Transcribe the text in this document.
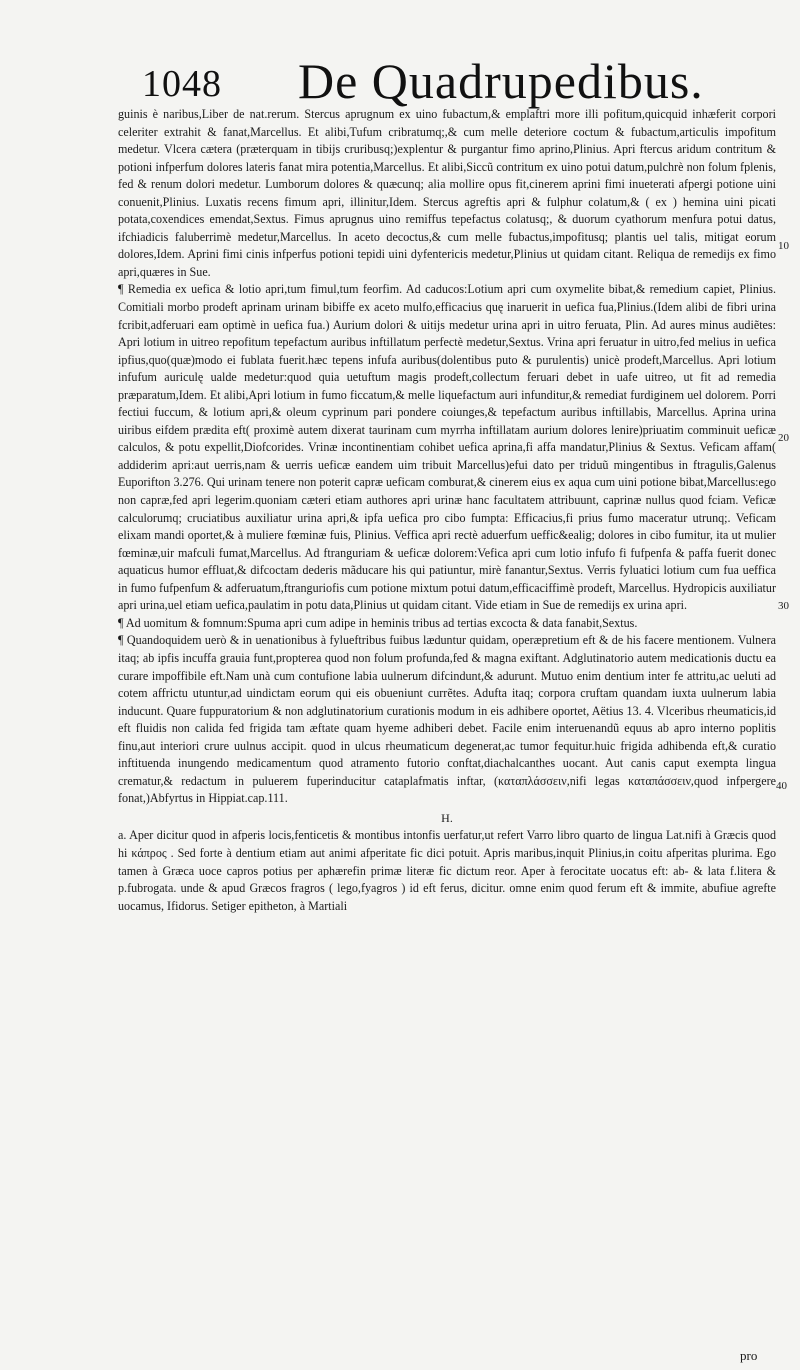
1048 De Quadrupedibus.

guinis è naribus,Liber de nat.rerum. Stercus aprugnum ex uino fubactum,& emplaftri more illi pofitum,quicquid inhæferit corpori celeriter extrahit & fanat,Marcellus. Et alibi,Tufum cribratumq;,& cum melle deteriore coctum & fubactum,articulis impofitum medetur. Vlcera cætera (præterquam in tibijs cruribusq;)explentur & purgantur fimo aprino,Plinius. Apri ftercus aridum contritum & potioni infperfum dolores lateris fanat mira potentia,Marcellus. Et alibi,Siccũ contritum ex uino potui datum,pulchrè non folum fplenis, fed & renum dolori medetur. Lumborum dolores & quæcunq; alia mollire opus fit,cinerem aprini fimi inueterati afpergi potione uini conuenit,Plinius. Luxatis recens fimum apri, illinitur,Idem. Stercus agreftis apri & fulphur colatum,& ( ex ) hemina uini picati potata,coxendices emendat,Sextus. Fimus aprugnus uino remiffus tepefactus colatusq;, & duorum cyathorum menfura potui datus, ifchiadicis faluberrimè medetur,Marcellus. In aceto decoctus,& cum melle fubactus,impofitusq; plantis uel talis, mitigat eorum dolores,Idem. Aprini fimi cinis infperfus potioni tepidi uini dyfentericis medetur,Plinius ut quidam citant. Reliqua de remedijs ex fimo apri,quæres in Sue.

¶ Remedia ex uefica & lotio apri,tum fimul,tum feorfim. Ad caducos:Lotium apri cum oxymelite bibat,& remedium capiet, Plinius. Comitiali morbo prodeft aprinam urinam bibiffe ex aceto mulfo,efficacius quę inaruerit in uefica fua,Plinius.(Idem alibi de fibri urina fcribit,adferuari eam optimè in uefica fua.) Aurium dolori & uitijs medetur urina apri in uitro feruata, Plin. Ad aures minus audiẽtes: Apri lotium in uitreo repofitum tepefactum auribus inftillatum perfectè medetur,Sextus. Vrina apri feruatur in uitro,fed melius in uefica ipfius,quo(quæ)modo ei fublata fuerit.hæc tepens infufa auribus(dolentibus puto & purulentis) unicè prodeft,Marcellus. Apri lotium infufum auriculę ualde medetur:quod quia uetuftum magis prodeft,collectum feruari debet in uafe uitreo, ut fit ad remedia præparatum,Idem. Et alibi,Apri lotium in fumo ficcatum,& melle liquefactum auri infunditur,& remediat furdiginem uel dolorem. Porri fectiui fuccum, & lotium apri,& oleum cyprinum pari pondere coiunges,& tepefactum auribus inftillabis, Marcellus. Aprina urina uiribus eifdem prædita eft( proximè autem dixerat taurinam cum myrrha inftillatam aurium dolores lenire)priuatim comminuit ueficæ calculos, & potu expellit,Diofcorides. Vrinæ incontinentiam cohibet uefica aprina,fi affa mandatur,Plinius & Sextus. Veficam affam( addiderim apri:aut uerris,nam & uerris ueficæ eandem uim tribuit Marcellus)efui dato per triduũ mingentibus in ftragulis,Galenus Euporifton 3.276. Qui urinam tenere non poterit capræ ueficam comburat,& cinerem eius ex aqua cum uini potione bibat,Marcellus:ego non capræ,fed apri legerim.quoniam cæteri etiam authores apri urinæ hanc facultatem attribuunt, caprinæ nullus quod fciam. Veficæ calculorumq; cruciatibus auxiliatur urina apri,& ipfa uefica pro cibo fumpta: Efficacius,fi prius fumo maceratur utrunq;. Veficam elixam mandi oportet,& à muliere fœminæ fuis, Plinius. Veffica apri rectè aduerfum ueffic&ealig; dolores in cibo fumitur, ita ut mulier fœminæ,uir mafculi fumat,Marcellus. Ad ftranguriam & ueficæ dolorem:Vefica apri cum lotio infufo fi fufpenfa & paffa fuerit donec aquaticus humor effluat,& difcoctam dederis mãducare his qui patiuntur, mirè fanantur,Sextus. Verris fyluatici lotium cum fua ueffica in fumo fufpenfum & adferuatum,ftranguriofis cum potione mixtum potui datum,efficaciffimè prodeft, Marcellus. Hydropicis auxiliatur apri urina,uel etiam uefica,paulatim in potu data,Plinius ut quidam citant. Vide etiam in Sue de remedijs ex urina apri.

¶ Ad uomitum & fomnum:Spuma apri cum adipe in heminis tribus ad tertias excocta & data fanabit,Sextus.

¶ Quandoquidem uerò & in uenationibus à fylueftribus fuibus læduntur quidam, operæpretium eft & de his facere mentionem. Vulnera itaq; ab ipfis incuffa grauia funt,propterea quod non folum profunda,fed & magna exiftant. Adglutinatorio autem medicationis ductu ea curare impoffibile eft.Nam unà cum contufione labia uulnerum difcindunt,& adurunt. Mutuo enim dentium inter fe attritu,ac ueluti ad cotem affrictu utuntur,ad uindictam eorum qui eis obueniunt currẽtes. Adufta itaq; corpora cruftam quandam iuxta uulnerum labia inducunt. Quare fuppuratorium & non adglutinatorium curationis modum in eis adhibere oportet, Aëtius 13. 4. Vlceribus rheumaticis,id eft fluidis non calida fed frigida tam æftate quam hyeme adhiberi debet. Facile enim interuenandũ equus ab apro interno poplitis finu,aut interiori crure uulnus accipit. quod in ulcus rheumaticum degenerat,ac tumor fequitur.huic frigida adhibenda eft,& curatio inftituenda inungendo medicamentum quod atramento futorio conftat,diachalcanthes uocant. Aut canis caput exempta lingua crematur,& redactum in puluerem fuperinducitur cataplafmatis inftar, (καταπλάσσειν,nifi legas καταπάσσειν,quod infpergere fonat,)Abfyrtus in Hippiat.cap.111.

H.

a. Aper dicitur quod in afperis locis,fenticetis & montibus intonfis uerfatur,ut refert Varro libro quarto de lingua Lat.nifi à Græcis quod hi κάπρος . Sed forte à dentium etiam aut animi afperitate fic dici potuit. Apris maribus,inquit Plinius,in coitu afperitas plurima. Ego tamen à Græca uoce capros potius per aphærefin primæ literæ fic dictum reor. Aper à ferocitate uocatus eft: ab- & lata f.litera & p.fubrogata. unde & apud Græcos fragros ( lego,fyagros ) id eft ferus, dicitur. omne enim quod ferum eft & immite, abufiue agrefte uocamus, Ifidorus. Setiger epitheton, à Martiali

10
20
30
40
pro
